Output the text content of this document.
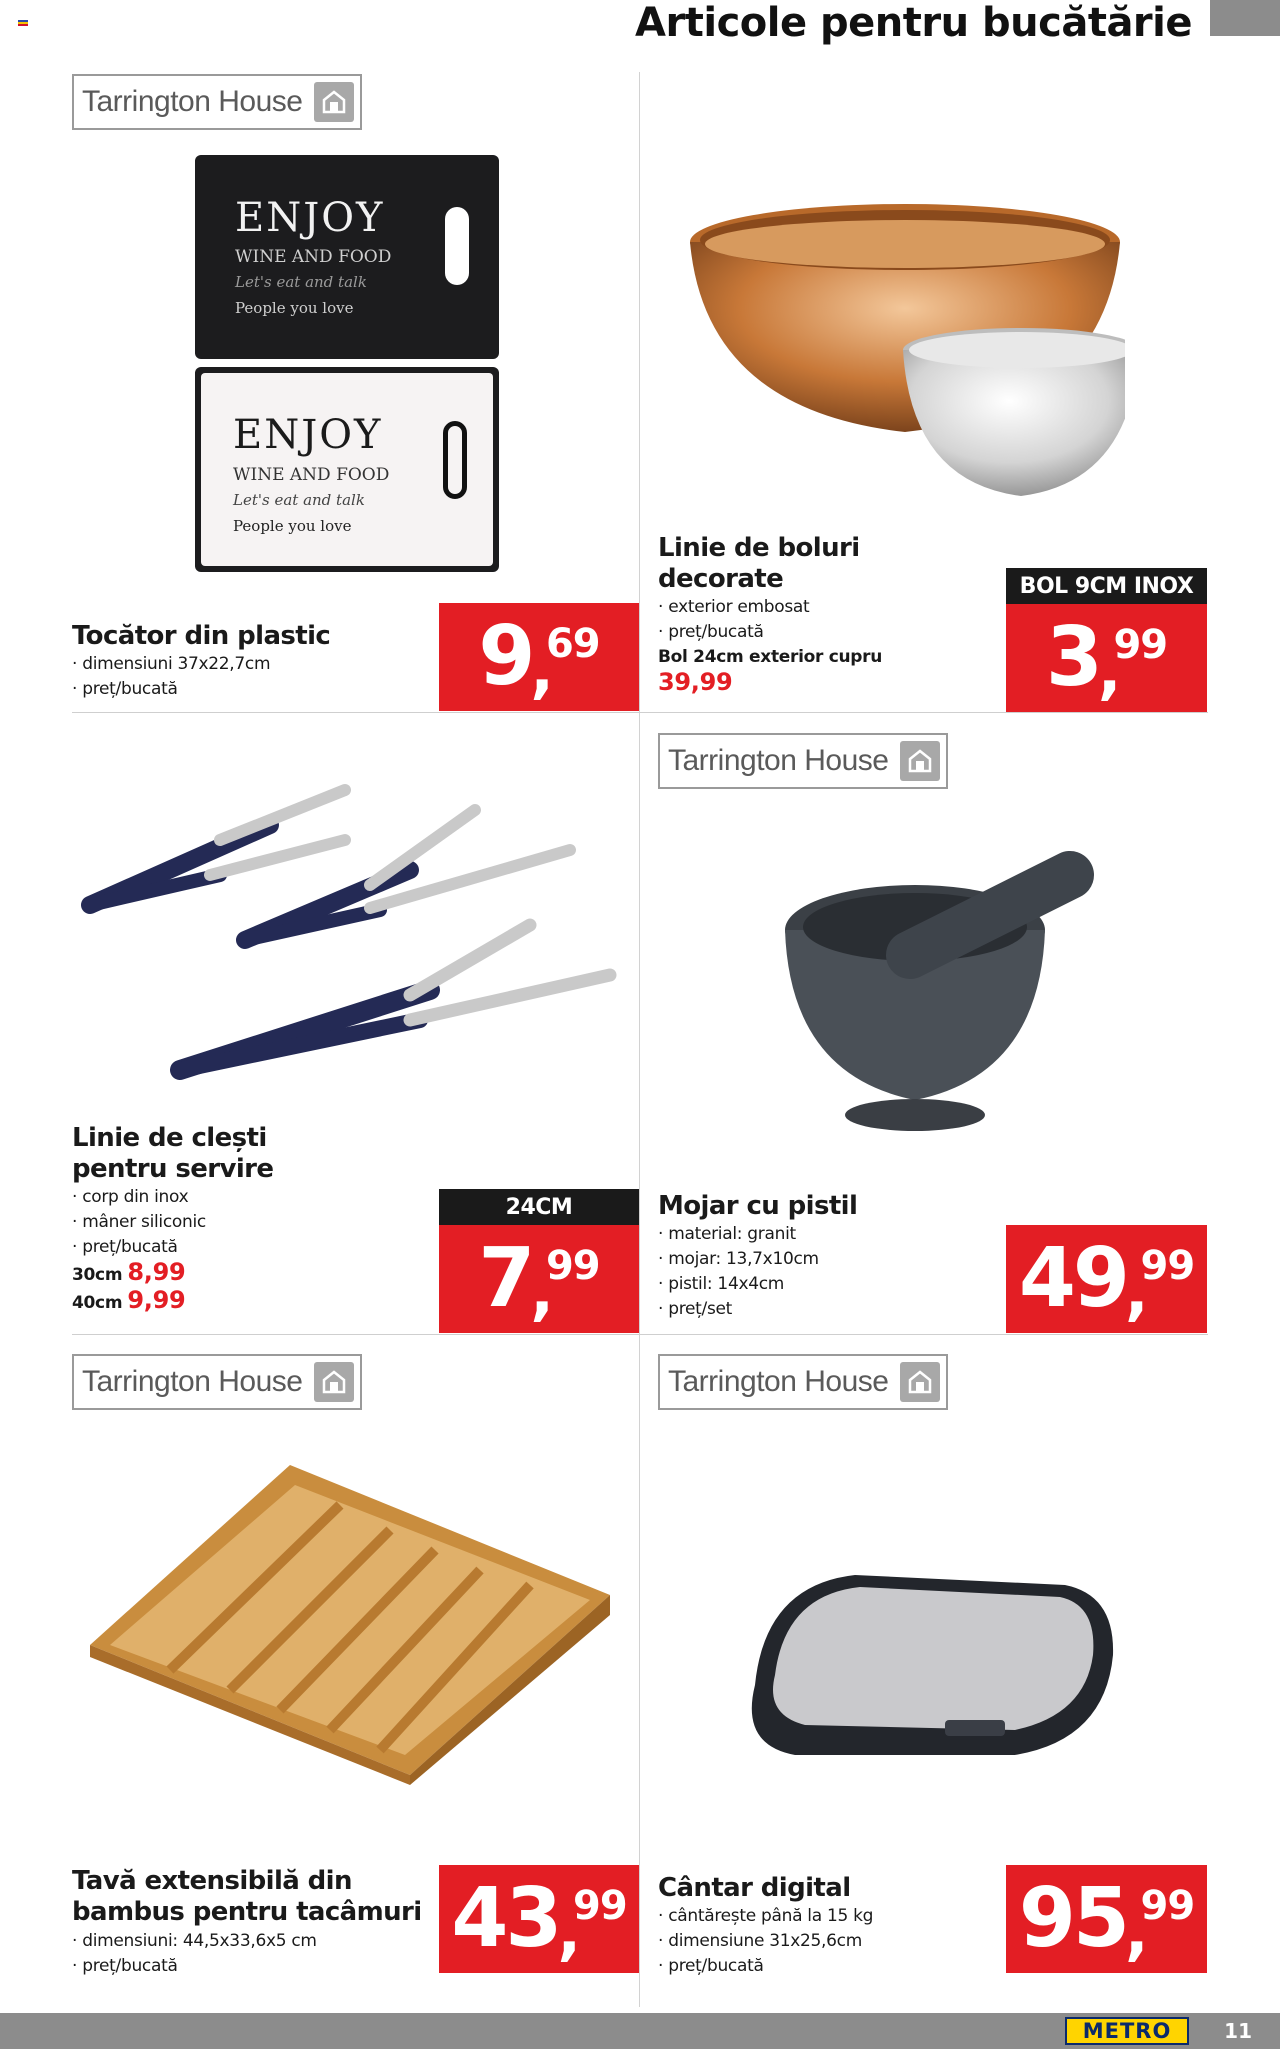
Articole pentru bucătărie
Tarrington House
ENJOY
WINE AND FOOD
Let's eat and talk
People you love
ENJOY
WINE AND FOOD
Let's eat and talk
People you love
Tocător din plastic
· dimensiuni 37x22,7cm
· preț/bucată	9
,
69
Linie de boluri
decorate
· exterior embosat
· preț/bucată
Bol 24cm exterior cupru
39,99
BOL 9CM INOX
3
,
99
Linie de clești
pentru servire
· corp din inox
· mâner siliconic
· preț/bucată
30cm 8,99
40cm 9,99
24CM
7
,
99
Tarrington House
Mojar cu pistil
· material: granit
· mojar: 13,7x10cm
· pistil: 14x4cm
· preț/set	49
,
99
Tarrington House
Tavă extensibilă din
bambus pentru tacâmuri
· dimensiuni: 44,5x33,6x5 cm
· preț/bucată	43
,
99
Tarrington House
Cântar digital
· cântărește până la 15 kg
· dimensiune 31x25,6cm
· preț/bucată	95
,
99
METRO	11
